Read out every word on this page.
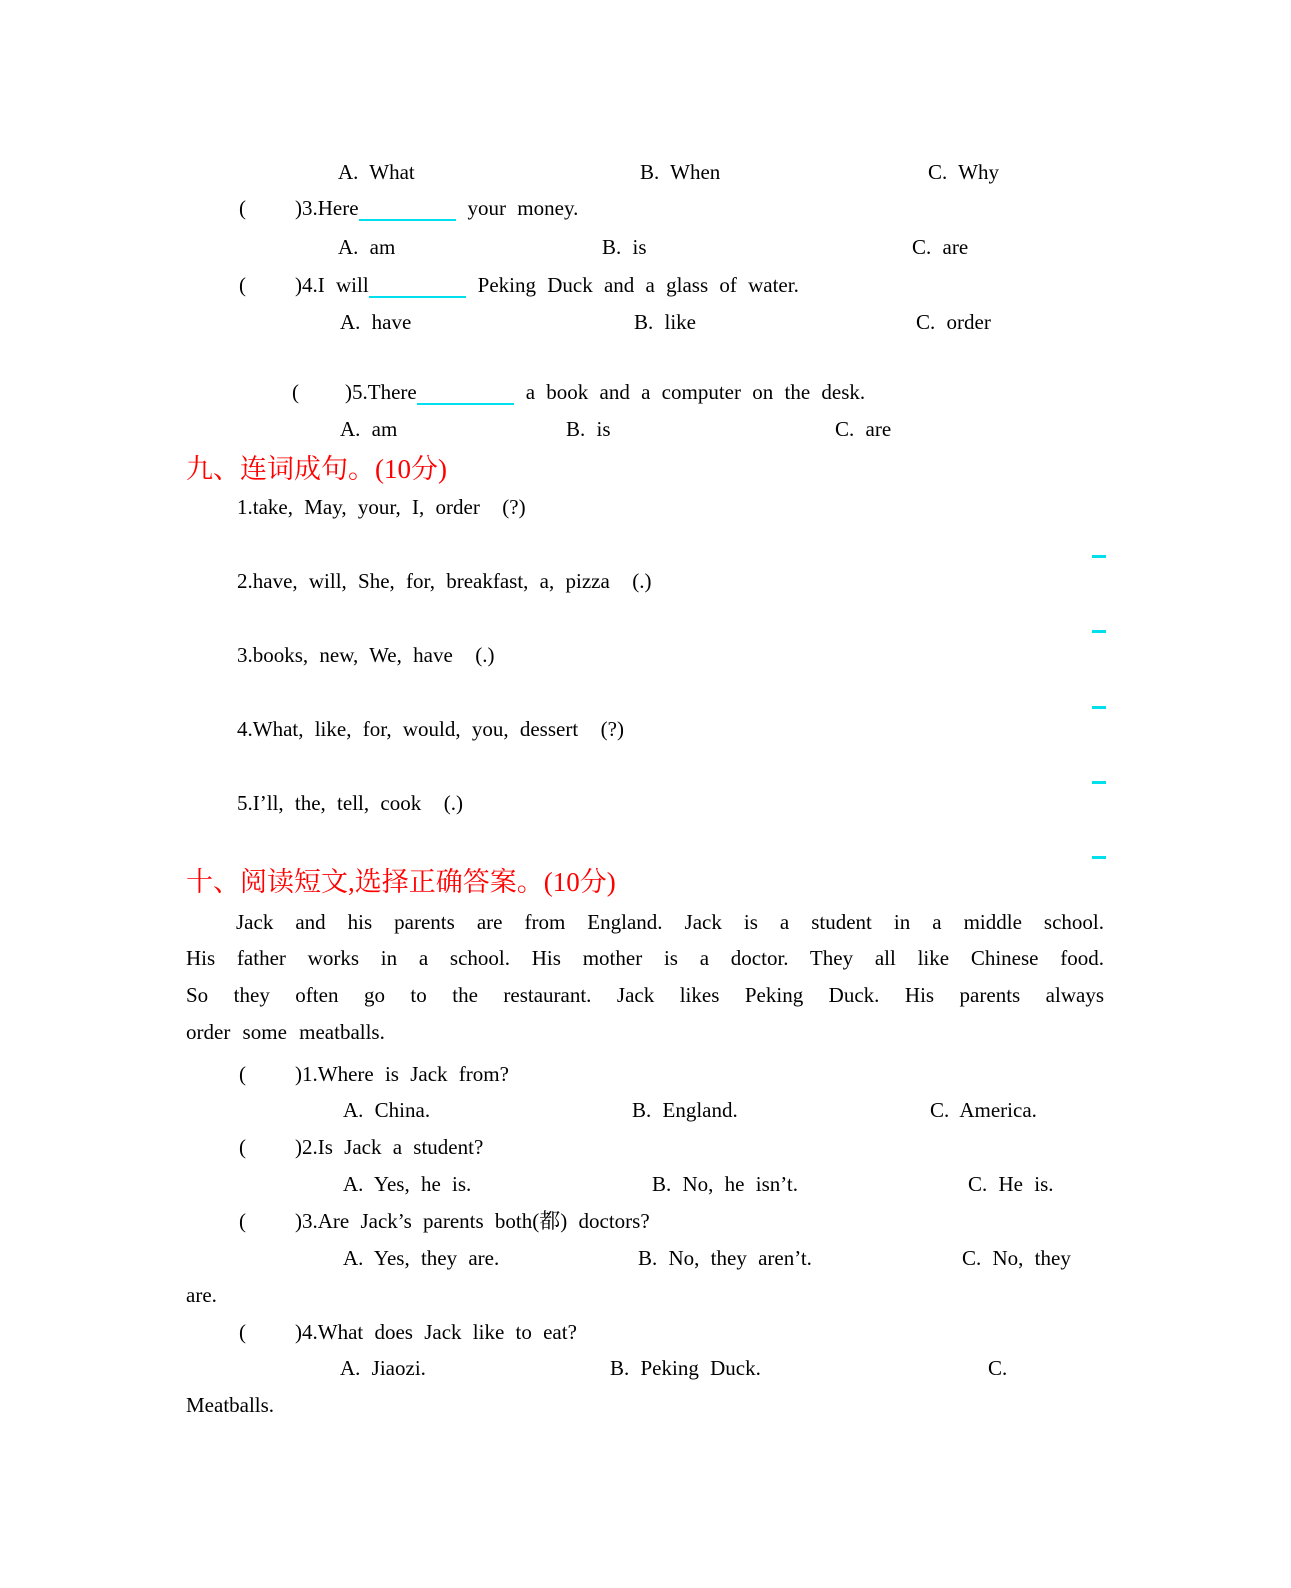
A. What

	B. When

	C. Why

(

)3.Here	your money.

A. am

	B. is

	C. are

(

)4.I will	Peking Duck and a glass of water.

A. have

	B. like

	C. order

(

)5.There	a book and a computer on the desk.

A. am

	B. is

	C. are

九、连词成句。(10分)

1.take, May, your, I, order  (?)

2.have, will, She, for, breakfast, a, pizza  (.)

3.books, new, We, have  (.)

4.What, like, for, would, you, dessert  (?)

5.I’ll, the, tell, cook  (.)

十、阅读短文,选择正确答案。(10分)
Jack and his parents are from England. Jack is a student in a middle school.
His father works in a school. His mother is a doctor. They all like Chinese food.
So they often go to the restaurant. Jack likes Peking Duck. His parents always
order some meatballs.

(

)1.Where is Jack from?

A. China.

	B. England.

	C. America.

(

)2.Is Jack a student?

A. Yes, he is.

	B. No, he isn’t.

	C. He is.

(

)3.Are Jack’s parents both(都) doctors?

A. Yes, they are.

	B. No, they aren’t.

	C. No, they

are.

(

)4.What does Jack like to eat?

A. Jiaozi.

	B. Peking Duck.

	C.

Meatballs.
